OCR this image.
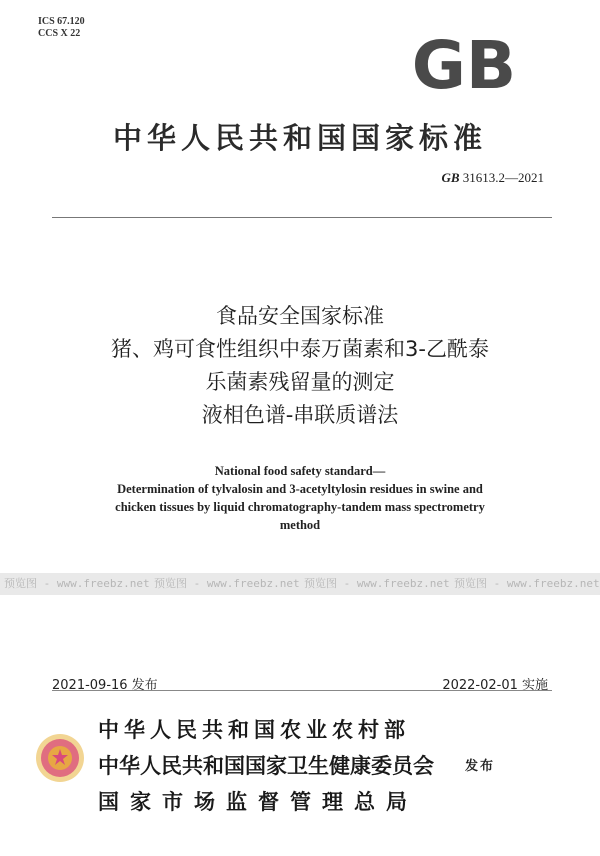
ICS 67.120
CCS X 22	GB
中华人民共和国国家标准
GB 31613.2—2021
食品安全国家标准
猪、鸡可食性组织中泰万菌素和3-乙酰泰
乐菌素残留量的测定
液相色谱-串联质谱法
National food safety standard—
Determination of tylvalosin and 3-acetyltylosin residues in swine and
chicken tissues by liquid chromatography-tandem mass spectrometry
method
预览图 - www.freebz.net 预览图 - www.freebz.net 预览图 - www.freebz.net 预览图 - www.freebz.net
2021-09-16 发布	2022-02-01 实施
中华人民共和国农业农村部
中华人民共和国国家卫生健康委员会
国家市场监督管理总局
发布
